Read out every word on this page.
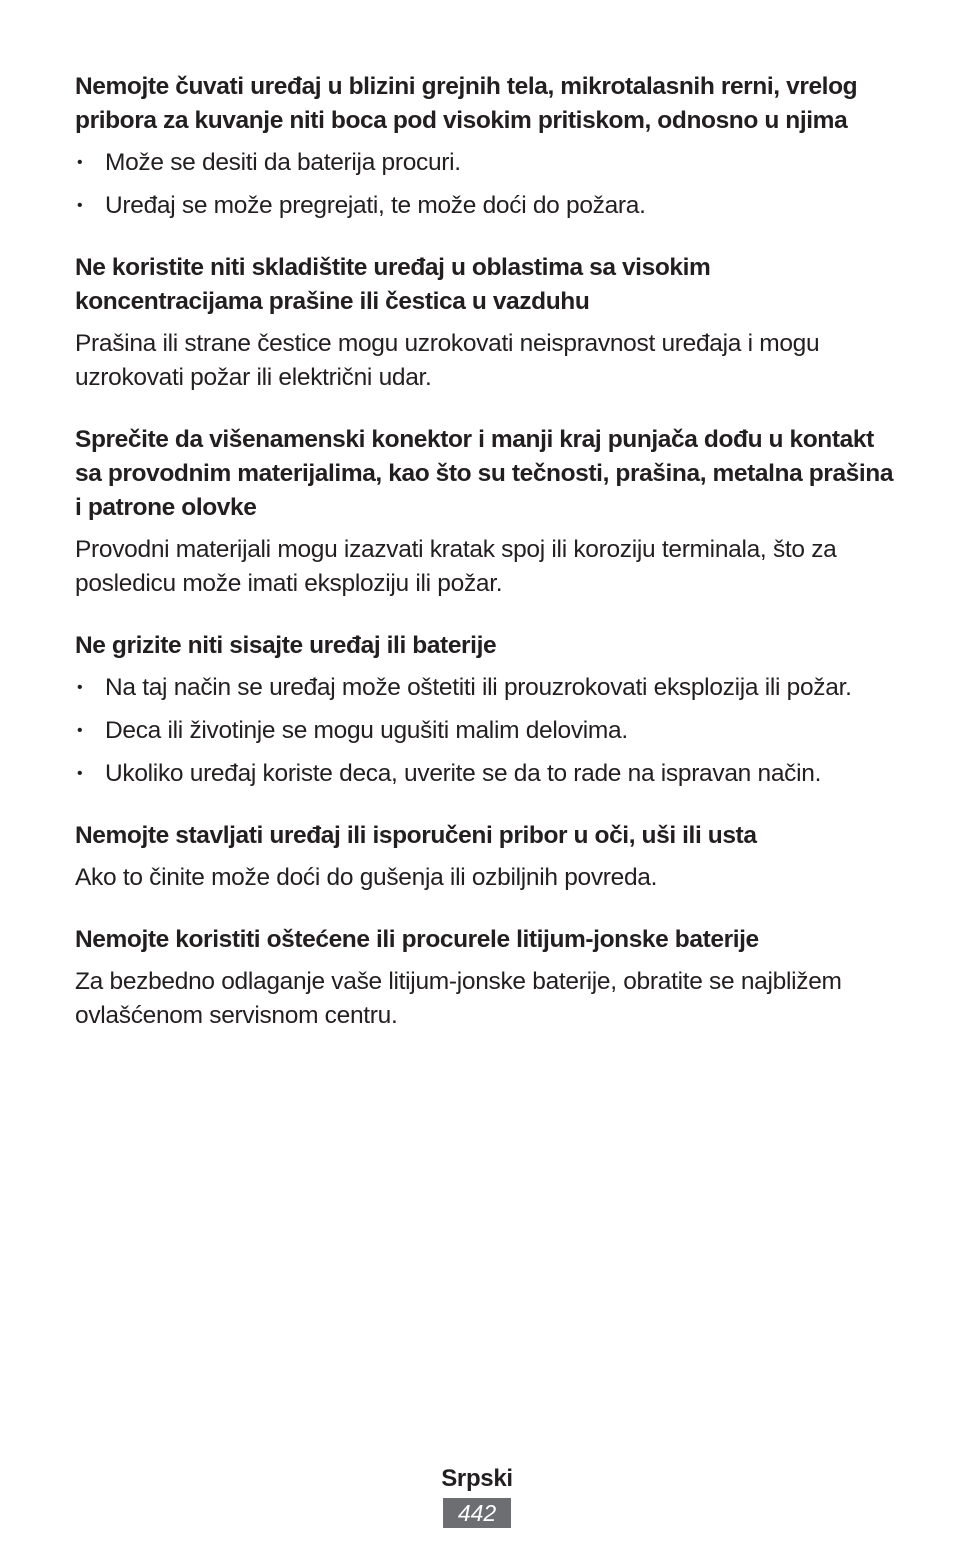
Nemojte čuvati uređaj u blizini grejnih tela, mikrotalasnih rerni, vrelog pribora za kuvanje niti boca pod visokim pritiskom, odnosno u njima

• Može se desiti da baterija procuri.
• Uređaj se može pregrejati, te može doći do požara.

Ne koristite niti skladištite uređaj u oblastima sa visokim koncentracijama prašine ili čestica u vazduhu

Prašina ili strane čestice mogu uzrokovati neispravnost uređaja i mogu uzrokovati požar ili električni udar.

Sprečite da višenamenski konektor i manji kraj punjača dođu u kontakt sa provodnim materijalima, kao što su tečnosti, prašina, metalna prašina i patrone olovke

Provodni materijali mogu izazvati kratak spoj ili koroziju terminala, što za posledicu može imati eksploziju ili požar.

Ne grizite niti sisajte uređaj ili baterije

• Na taj način se uređaj može oštetiti ili prouzrokovati eksplozija ili požar.
• Deca ili životinje se mogu ugušiti malim delovima.
• Ukoliko uređaj koriste deca, uverite se da to rade na ispravan način.

Nemojte stavljati uređaj ili isporučeni pribor u oči, uši ili usta

Ako to činite može doći do gušenja ili ozbiljnih povreda.

Nemojte koristiti oštećene ili procurele litijum-jonske baterije

Za bezbedno odlaganje vaše litijum-jonske baterije, obratite se najbližem ovlašćenom servisnom centru.

Srpski
442
